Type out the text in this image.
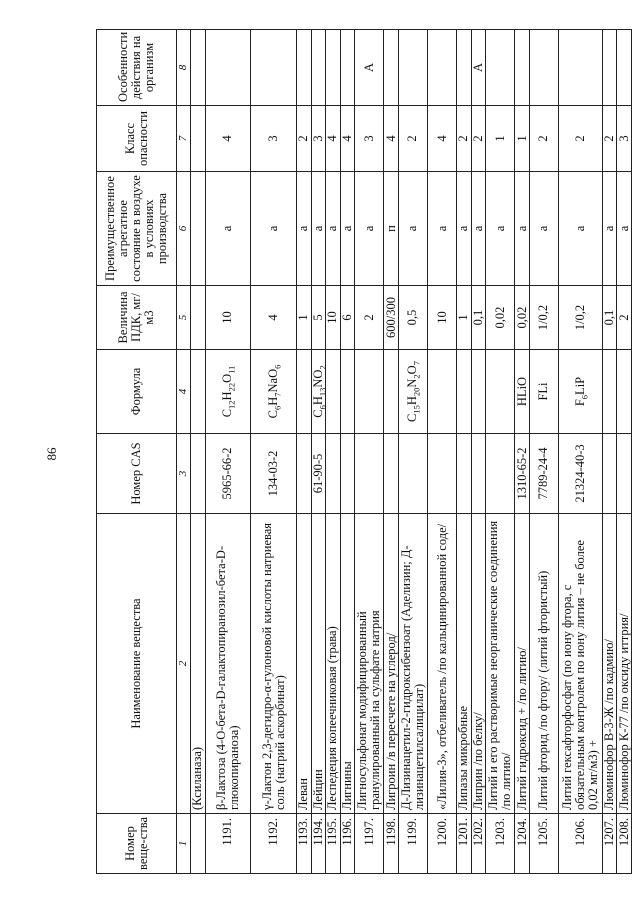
86
Номер веще-ства	Наименование вещества	Номер CAS	Формула	Величина ПДК, мг/м3	Преимущественное агрегатное состояние в воздухе в условиях производства	Класс опасности	Особенности действия на организм
1	2	3	4	5	6	7	8
	(Ксиланаза)						
1191.	β-Лактоза (4-О-бета-D-галактопиранозил-бета-D-глюкопираноза)	5965-66-2	$C_{12}H_{22}O_{11}$	10	а	4	
1192.	γ-Лактон 2,3-дегидро-α-гулоновой кислоты натриевая соль (натрий аскорбинат)	134-03-2	$C_6H_7NaO_6$	4	а	3	
1193.	Леван			1	а	2	
1194.	Лейцин	61-90-5	$C_6H_{13}NO_2$	5	а	3	
1195.	Леспедеция копеечниковая (трава)			10	а	4	
1196.	Лигнины			6	а	4	
1197.	Лигносульфонат модифицированный гранулированный на сульфате натрия			2	а	3	А
1198.	Лигроин /в пересчете на углерод/			600/300	п	4	
1199.	Д-Лизинацетил-2-гидроксибензоат (Аделизин; Д-лизинацетилсалицилат)		$C_{15}H_{20}N_2O_7$	0,5	а	2	
1200.	«Лилия-3», отбеливатель /по кальцинированной соде/			10	а	4	
1201.	Липазы микробные			1	а	2	
1202.	Липрин /по белку/			0,1	а	2	А
1203.	Литий и его растворимые неорганические соединения /по литию/			0,02	а	1	
1204.	Литий гидроксид + /по литию/	1310-65-2	HLiO	0,02	а	1	
1205.	Литий фторид /по фтору/ (литий фтористый)	7789-24-4	FLi	1/0,2	а	2	
1206.	Литий гексафторфосфат (по иону фтора, с обязательным контролем по иону лития – не более 0,02 мг/м3) +	21324-40-3	$F_6LiP$	1/0,2	а	2	
1207.	Люминофор В-3-Ж /по кадмию/			0,1	а	2	
1208.	Люминофор К-77 /по оксиду иттрия/			2	а	3	
